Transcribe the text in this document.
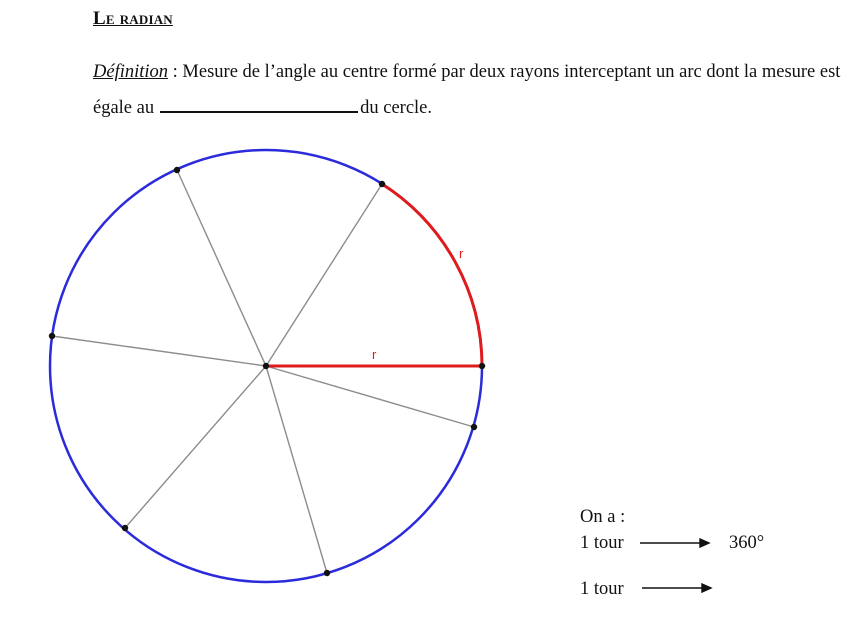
Le radian
Définition : Mesure de l’angle au centre formé par deux rayons interceptant un arc dont la mesure est égale au	du cercle.
r
r
On a :
1 tour	360°
1 tour
